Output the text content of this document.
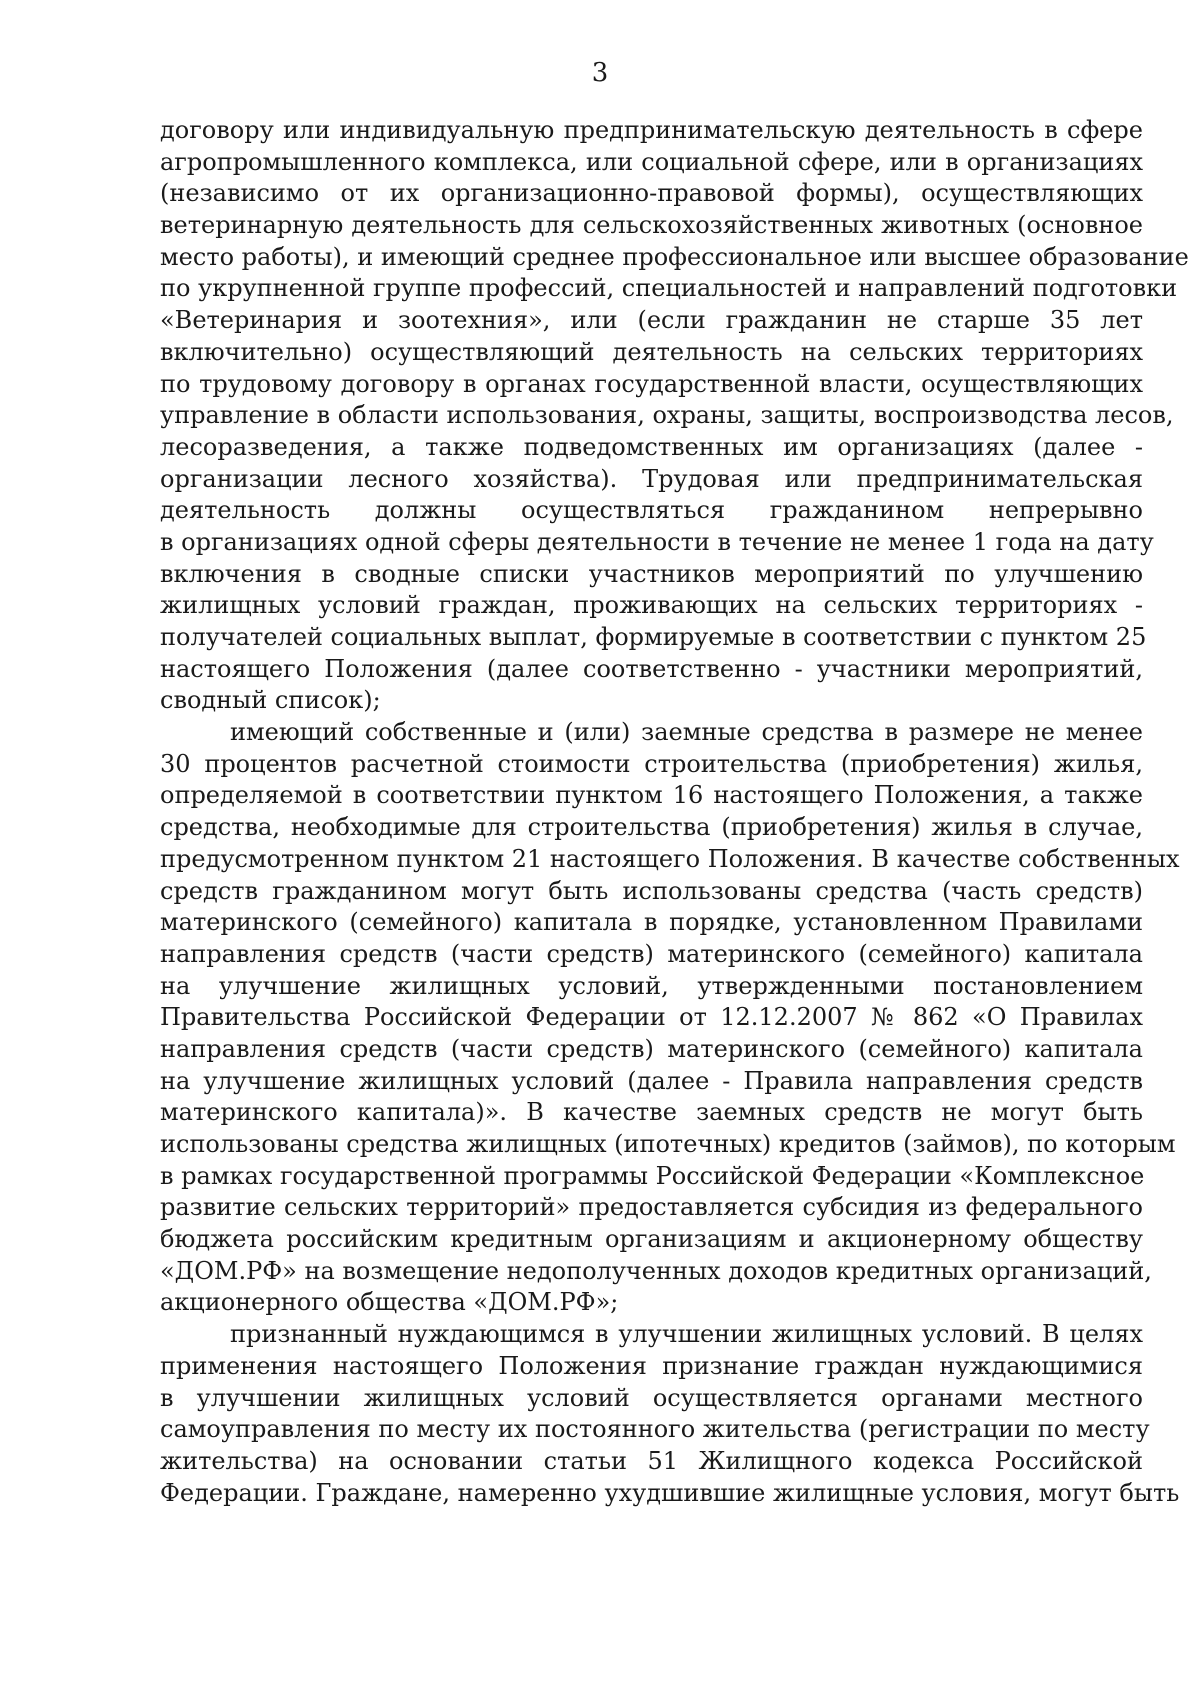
3
договору или индивидуальную предпринимательскую деятельность в сфере
агропромышленного комплекса, или социальной сфере, или в организациях
(независимо от их организационно-правовой формы), осуществляющих
ветеринарную деятельность для сельскохозяйственных животных (основное
место работы), и имеющий среднее профессиональное или высшее образование
по укрупненной группе профессий, специальностей и направлений подготовки
«Ветеринария и зоотехния», или (если гражданин не старше 35 лет
включительно) осуществляющий деятельность на сельских территориях
по трудовому договору в органах государственной власти, осуществляющих
управление в области использования, охраны, защиты, воспроизводства лесов,
лесоразведения, а также подведомственных им организациях (далее -
организации лесного хозяйства). Трудовая или предпринимательская
деятельность должны осуществляться гражданином непрерывно
в организациях одной сферы деятельности в течение не менее 1 года на дату
включения в сводные списки участников мероприятий по улучшению
жилищных условий граждан, проживающих на сельских территориях -
получателей социальных выплат, формируемые в соответствии с пунктом 25
настоящего Положения (далее соответственно - участники мероприятий,
сводный список);
имеющий собственные и (или) заемные средства в размере не менее
30 процентов расчетной стоимости строительства (приобретения) жилья,
определяемой в соответствии пунктом 16 настоящего Положения, а также
средства, необходимые для строительства (приобретения) жилья в случае,
предусмотренном пунктом 21 настоящего Положения. В качестве собственных
средств гражданином могут быть использованы средства (часть средств)
материнского (семейного) капитала в порядке, установленном Правилами
направления средств (части средств) материнского (семейного) капитала
на улучшение жилищных условий, утвержденными постановлением
Правительства Российской Федерации от 12.12.2007 № 862 «О Правилах
направления средств (части средств) материнского (семейного) капитала
на улучшение жилищных условий (далее - Правила направления средств
материнского капитала)». В качестве заемных средств не могут быть
использованы средства жилищных (ипотечных) кредитов (займов), по которым
в рамках государственной программы Российской Федерации «Комплексное
развитие сельских территорий» предоставляется субсидия из федерального
бюджета российским кредитным организациям и акционерному обществу
«ДОМ.РФ» на возмещение недополученных доходов кредитных организаций,
акционерного общества «ДОМ.РФ»;
признанный нуждающимся в улучшении жилищных условий. В целях
применения настоящего Положения признание граждан нуждающимися
в улучшении жилищных условий осуществляется органами местного
самоуправления по месту их постоянного жительства (регистрации по месту
жительства) на основании статьи 51 Жилищного кодекса Российской
Федерации. Граждане, намеренно ухудшившие жилищные условия, могут быть
